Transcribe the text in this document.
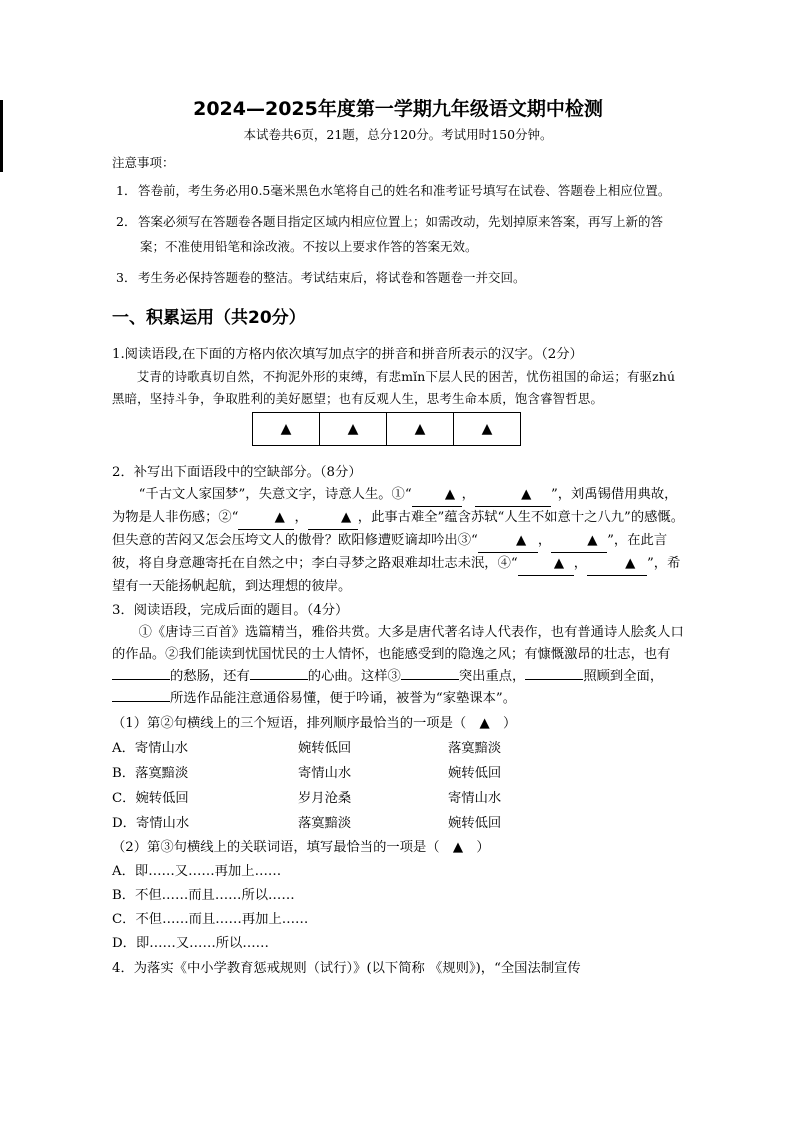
2024—2025年度第一学期九年级语文期中检测
本试卷共6页，21题，总分120分。考试用时150分钟。
注意事项：
1． 答卷前，考生务必用0.5毫米黑色水笔将自己的姓名和准考证号填写在试卷、答题卷上相应位置。
2． 答案必须写在答题卷各题目指定区域内相应位置上；如需改动，先划掉原来答案，再写上新的答案；不准使用铅笔和涂改液。不按以上要求作答的答案无效。
3． 考生务必保持答题卷的整洁。考试结束后，将试卷和答题卷一并交回。
一、积累运用（共20分）
1.阅读语段,在下面的方格内依次填写加点字的拼音和拼音所表示的汉字。（2分）
艾青的诗歌真切自然，不拘泥外形的束缚，有悲mǐn下层人民的困苦，忧伤祖国的命运；有驱zhú黑暗，坚持斗争，争取胜利的美好愿望；也有反观人生，思考生命本质，饱含睿智哲思。
▲	▲	▲	▲
2．补写出下面语段中的空缺部分。（8分）
“千古文人家国梦”，失意文字，诗意人生。①“ ▲ ，	▲ ”，刘禹锡借用典故，为物是人非伤感；②“	▲ ， ▲ ，此事古难全”蕴含苏轼“人生不如意十之八九”的感慨。但失意的苦闷又怎会压垮文人的傲骨？欧阳修遭贬谪却吟出③“	▲ ，	▲ ”，在此言彼，将自身意趣寄托在自然之中；李白寻梦之路艰难却壮志未泯，④“	▲ ，	▲ ”，希望有一天能扬帆起航，到达理想的彼岸。
3．阅读语段，完成后面的题目。（4分）
①《唐诗三百首》选篇精当，雅俗共赏。大多是唐代著名诗人代表作，也有普通诗人脍炙人口的作品。②我们能读到忧国忧民的士人情怀，也能感受到的隐逸之风；有慷慨激昂的壮志，也有的愁肠，还有	的心曲。这样③	突出重点，	照顾到全面，所选作品能注意通俗易懂，便于吟诵，被誉为“家塾课本”。
（1）第②句横线上的三个短语，排列顺序最恰当的一项是（　▲　）
A．寄情山水	婉转低回	落寞黯淡
B．落寞黯淡	寄情山水	婉转低回
C．婉转低回	岁月沧桑	寄情山水
D．寄情山水	落寞黯淡	婉转低回
（2）第③句横线上的关联词语，填写最恰当的一项是（　▲　）
A．即……又……再加上……
B．不但……而且……所以……
C．不但……而且……再加上……
D．即……又……所以……
4．为落实《中小学教育惩戒规则（试行）》(以下简称 《规则》)，“全国法制宣传
